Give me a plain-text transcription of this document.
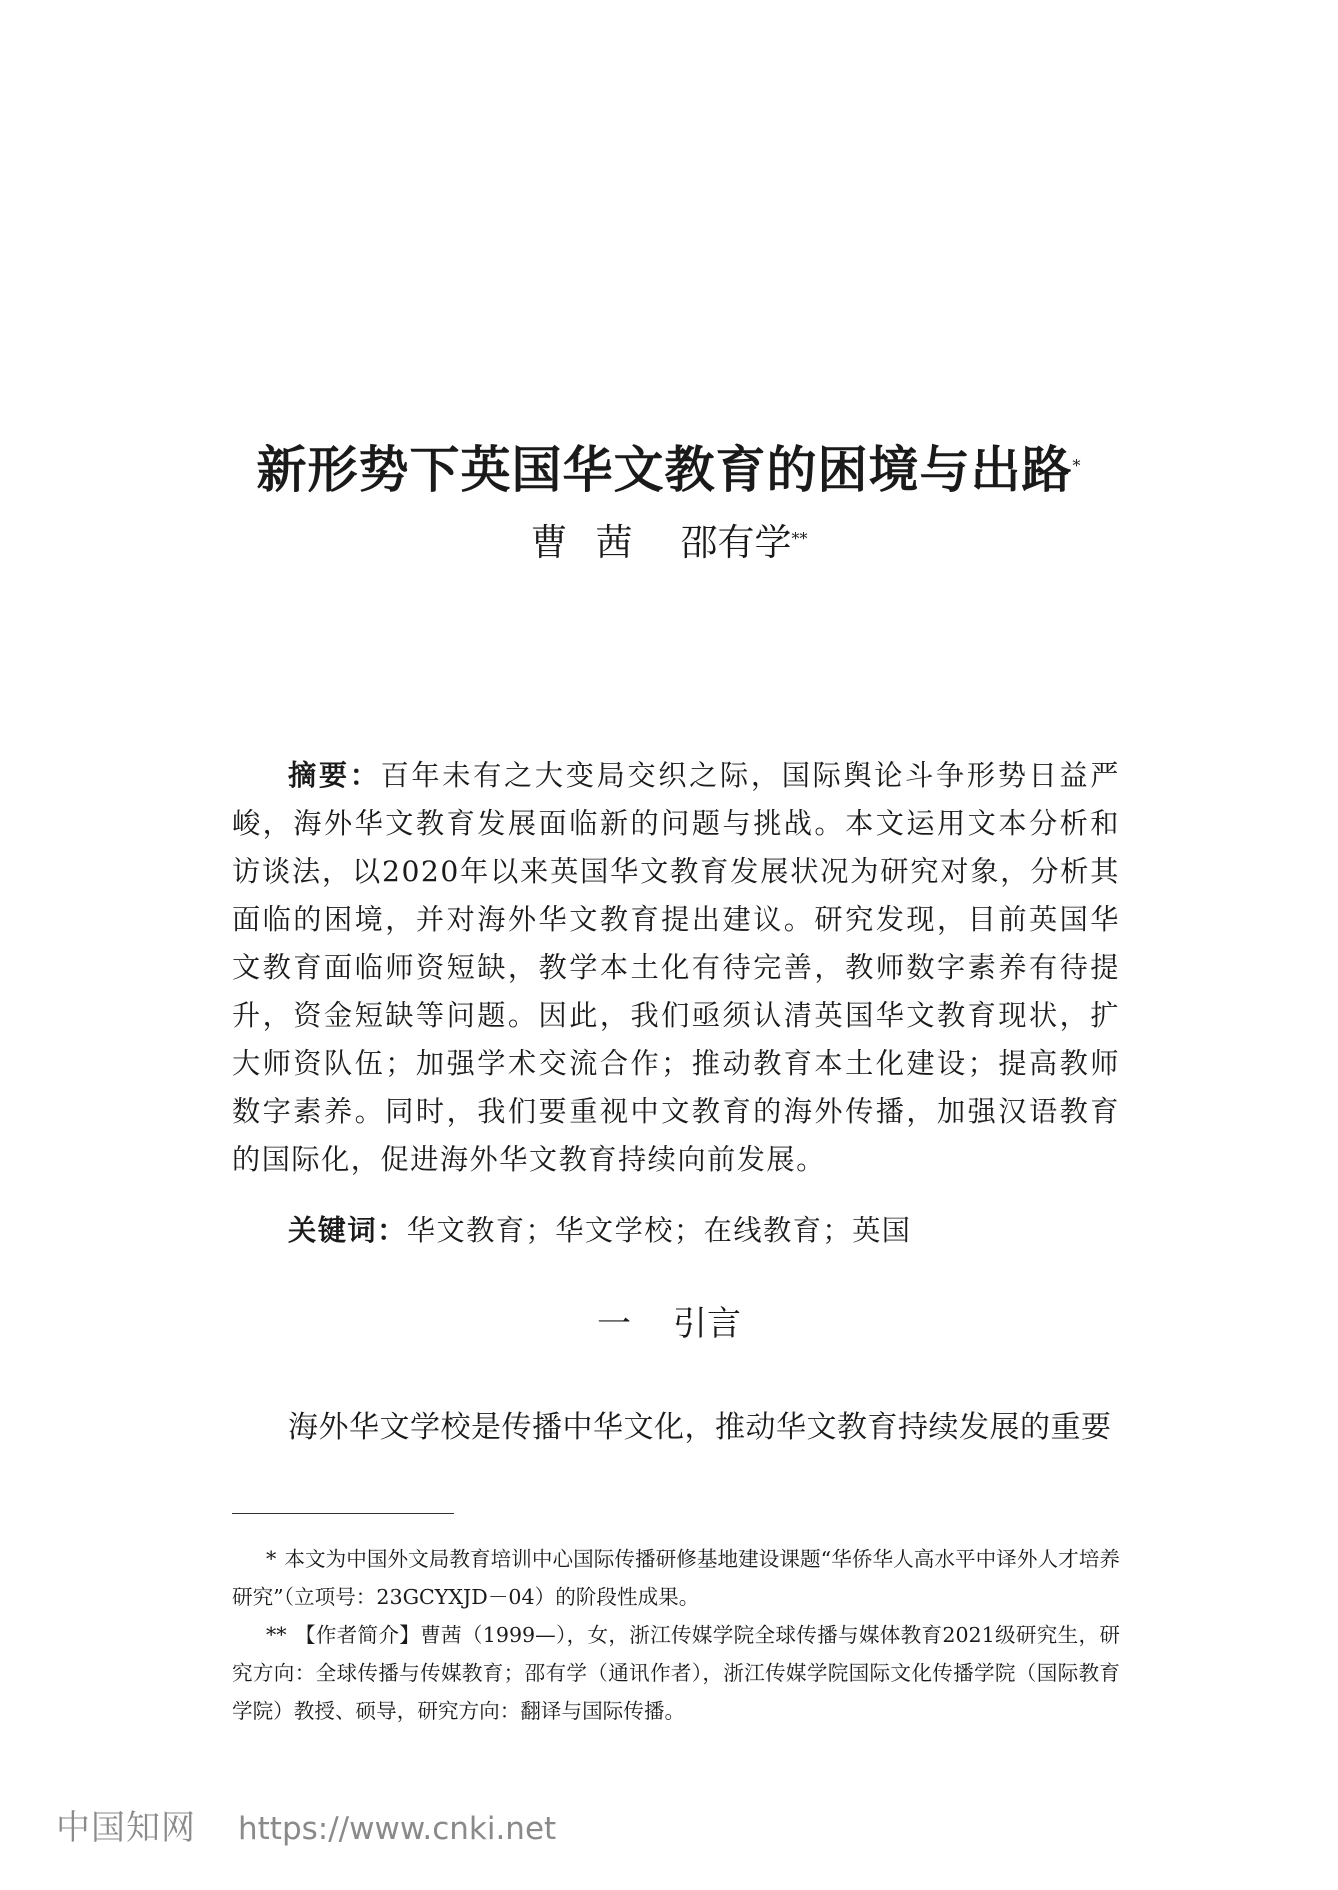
新形势下英国华文教育的困境与出路*
曹茜 邵有学**
摘要：百年未有之大变局交织之际，国际舆论斗争形势日益严峻，海外华文教育发展面临新的问题与挑战。本文运用文本分析和访谈法，以2020年以来英国华文教育发展状况为研究对象，分析其面临的困境，并对海外华文教育提出建议。研究发现，目前英国华文教育面临师资短缺，教学本土化有待完善，教师数字素养有待提升，资金短缺等问题。因此，我们亟须认清英国华文教育现状，扩大师资队伍；加强学术交流合作；推动教育本土化建设；提高教师数字素养。同时，我们要重视中文教育的海外传播，加强汉语教育的国际化，促进海外华文教育持续向前发展。
关键词：华文教育；华文学校；在线教育；英国
一 引言
海外华文学校是传播中华文化，推动华文教育持续发展的重要

* 本文为中国外文局教育培训中心国际传播研修基地建设课题“华侨华人高水平中译外人才培养研究”（立项号：23GCYXJD－04）的阶段性成果。

** 【作者简介】曹茜（1999—），女，浙江传媒学院全球传播与媒体教育2021级研究生，研究方向：全球传播与传媒教育；邵有学（通讯作者），浙江传媒学院国际文化传播学院（国际教育学院）教授、硕导，研究方向：翻译与国际传播。

中国知网 https://www.cnki.net
